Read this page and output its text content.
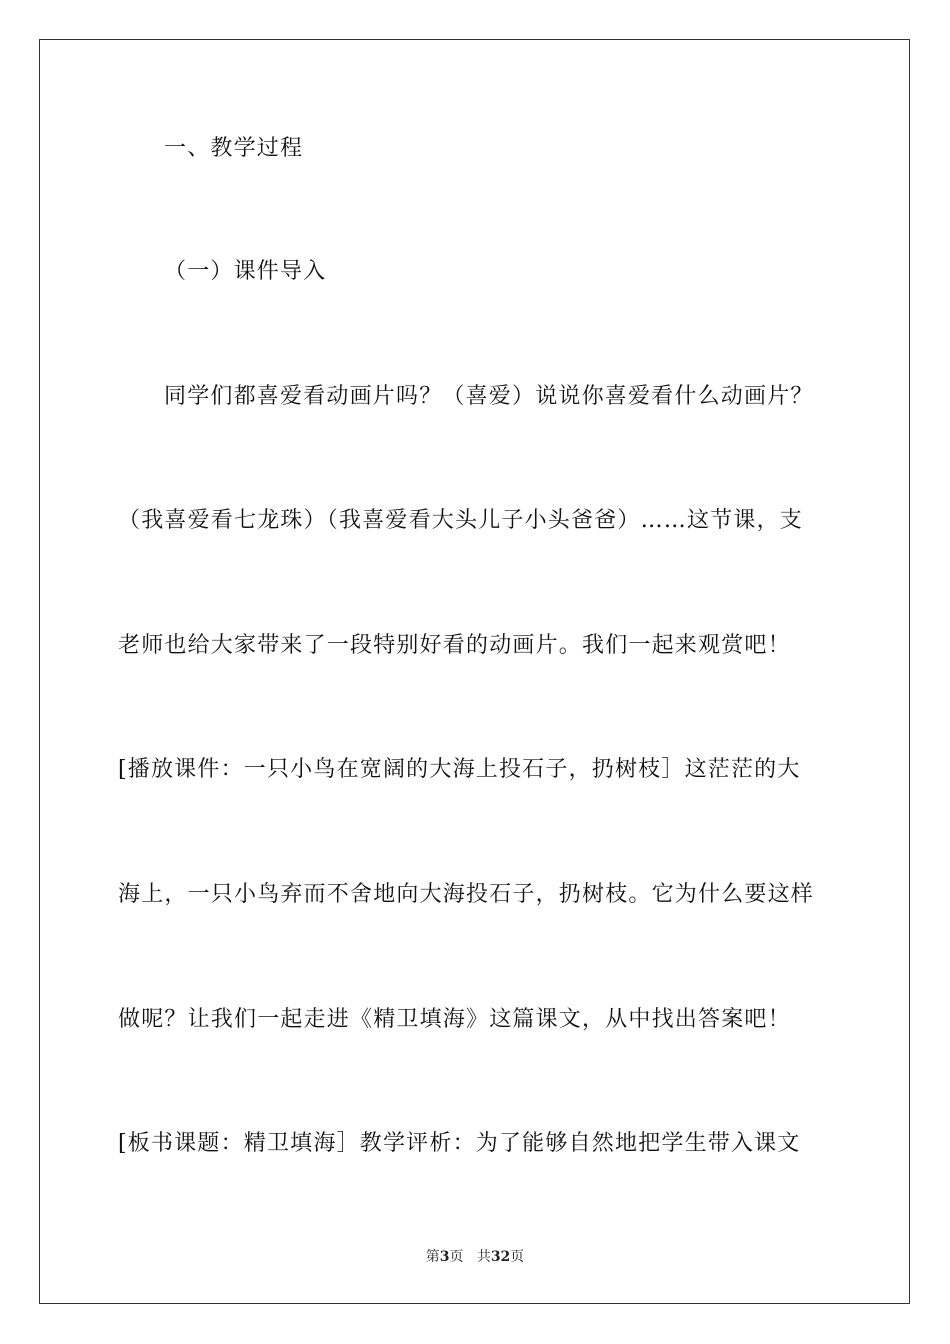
一、教学过程
（一）课件导入
同学们都喜爱看动画片吗？（喜爱）说说你喜爱看什么动画片？
（我喜爱看七龙珠）（我喜爱看大头儿子小头爸爸）……这节课，支
老师也给大家带来了一段特别好看的动画片。我们一起来观赏吧！
[播放课件：一只小鸟在宽阔的大海上投石子，扔树枝］这茫茫的大
海上，一只小鸟弃而不舍地向大海投石子，扔树枝。它为什么要这样
做呢？让我们一起走进《精卫填海》这篇课文，从中找出答案吧！
[板书课题：精卫填海］教学评析：为了能够自然地把学生带入课文
第3页 共32页
